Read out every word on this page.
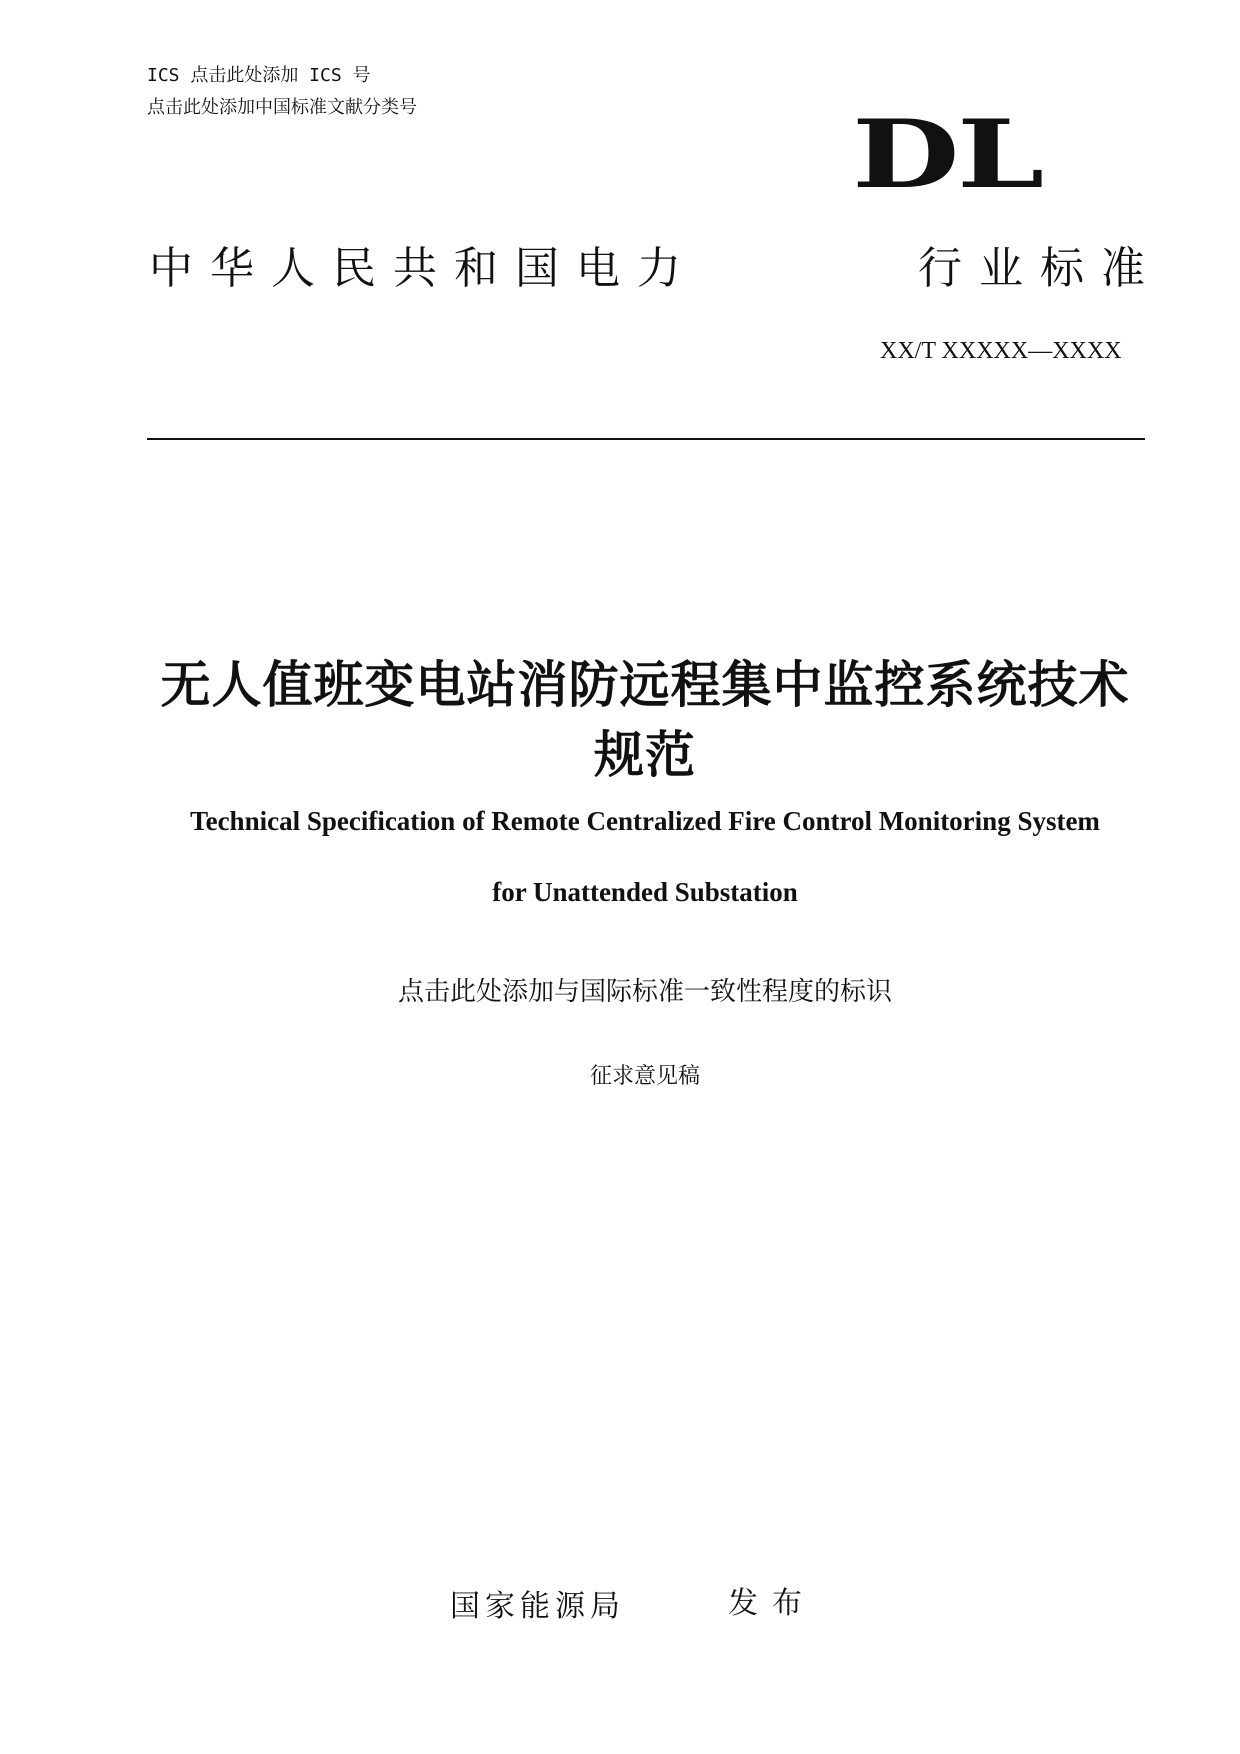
ICS 点击此处添加 ICS 号
点击此处添加中国标准文献分类号	DL
中华人民共和国电力	行业标准
XX/T XXXXX—XXXX
无人值班变电站消防远程集中监控系统技术规范
Technical Specification of Remote Centralized Fire Control Monitoring System
for Unattended Substation
点击此处添加与国际标准一致性程度的标识
征求意见稿
国家能源局	发布
